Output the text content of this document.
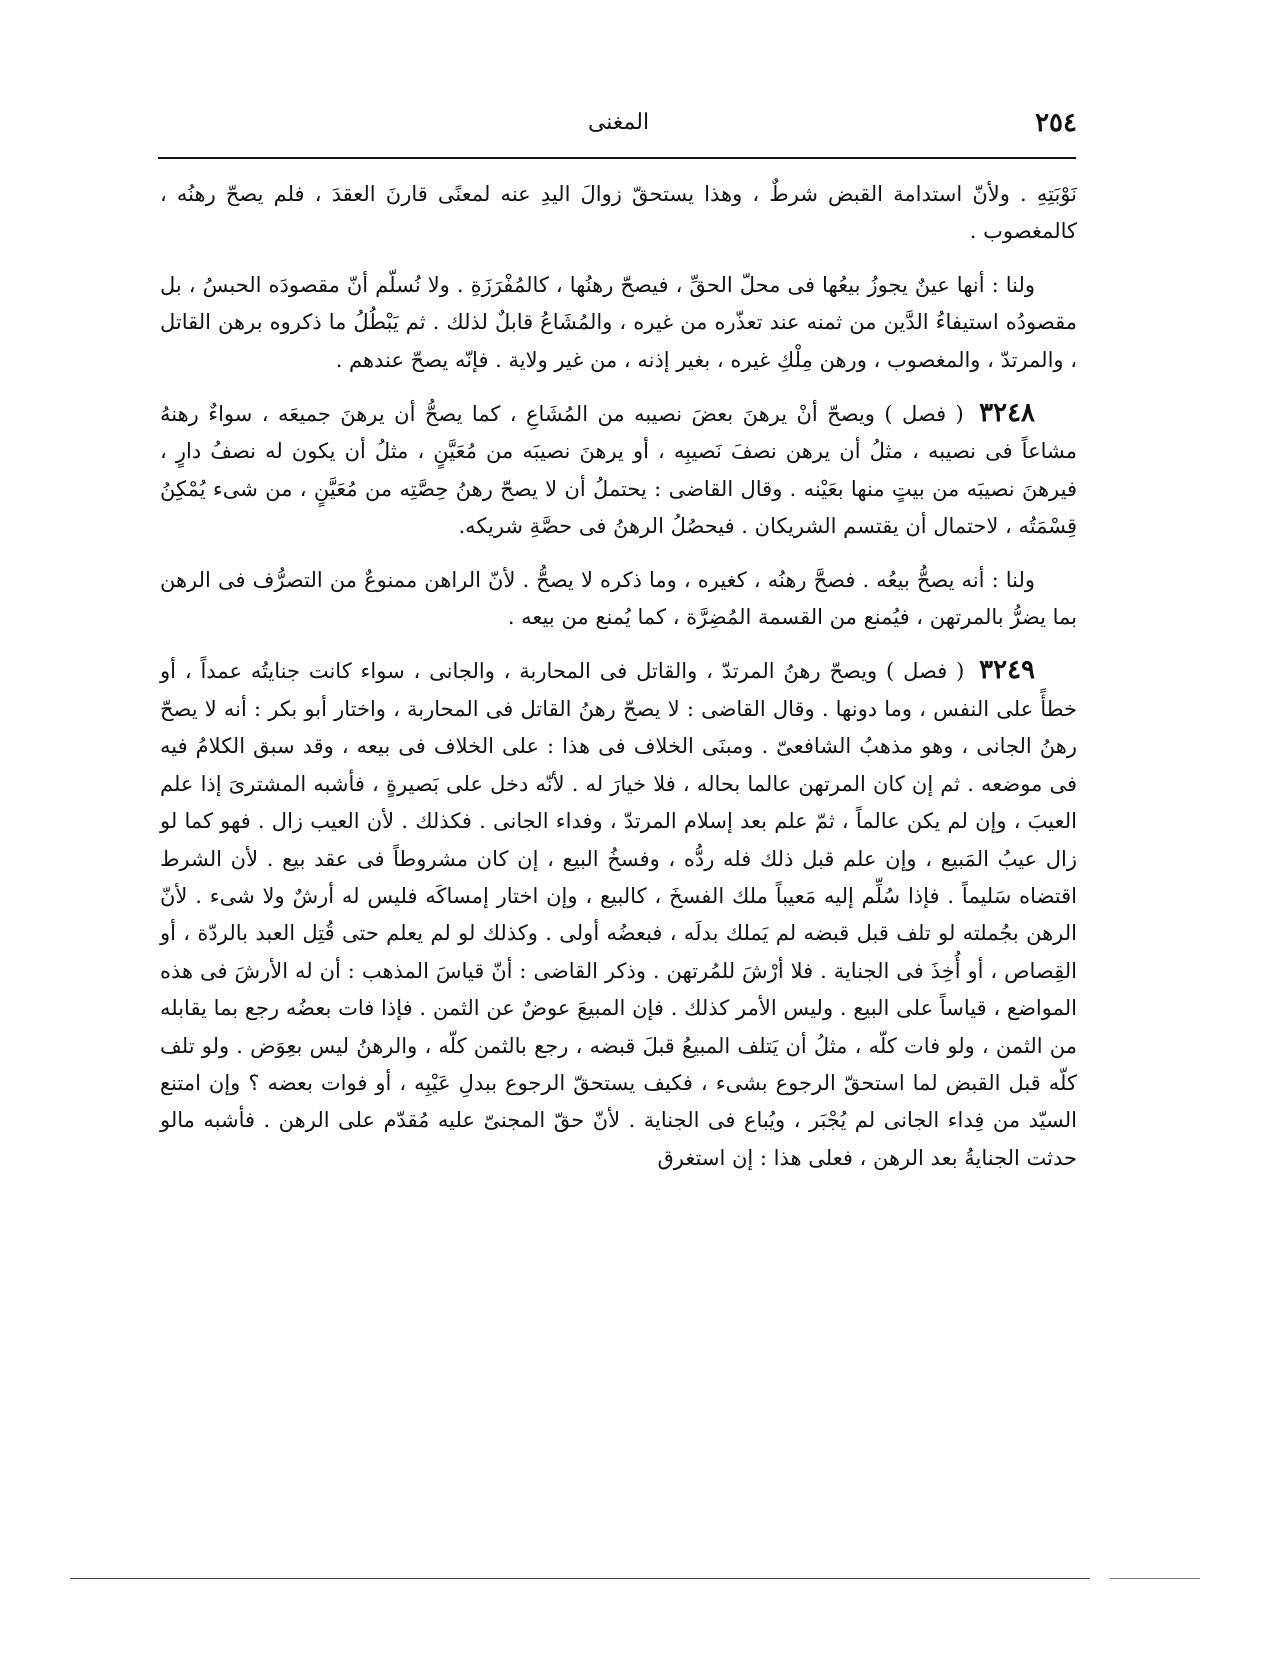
٢٥٤
المغنى

نَوْبَتِهِ . ولأنّ استدامة القبض شرطٌ ، وهذا يستحقّ زوالَ اليدِ عنه لمعنًى قارنَ العقدَ ، فلم يصحّ رهنُه ، كالمغصوب .

ولنا : أنها عينٌ يجوزُ بيعُها فى محلّ الحقِّ ، فيصحّ رهنُها ، كالمُفْرَزَةِ . ولا نُسلّم أنّ مقصودَه الحبسُ ، بل مقصودُه استيفاءُ الدَّين من ثمنه عند تعذّره من غيره ، والمُشَاعُ قابلٌ لذلك . ثم يَبْطُلُ ما ذكروه برهن القاتل ، والمرتدّ ، والمغصوب ، ورهن مِلْكِ غيره ، بغير إذنه ، من غير ولاية . فإنّه يصحّ عندهم .

٣٢٤٨ ( فصل ) ويصحّ أنْ يرهنَ بعضَ نصيبه من المُشَاعِ ، كما يصحُّ أن يرهنَ جميعَه ، سواءٌ رهنهُ مشاعاً فى نصيبه ، مثلُ أن يرهن نصفَ نَصيبِه ، أو يرهنَ نصيبَه من مُعَيَّنٍ ، مثلُ أن يكون له نصفُ دارٍ ، فيرهنَ نصيبَه من بيتٍ منها بعَيْنه . وقال القاضى : يحتملُ أن لا يصحّ رهنُ حِصَّتِه من مُعَيَّنٍ ، من شىء يُمْكِنُ قِسْمَتُه ، لاحتمال أن يقتسم الشريكان . فيحصُلُ الرهنُ فى حصَّةِ شريكه.

ولنا : أنه يصحُّ بيعُه . فصحَّ رهنُه ، كغيره ، وما ذكره لا يصحُّ . لأنّ الراهن ممنوعٌ من التصرُّف فى الرهن بما يضرُّ بالمرتهن ، فيُمنع من القسمة المُضِرَّة ، كما يُمنع من بيعه .

٣٢٤٩ ( فصل ) ويصحّ رهنُ المرتدّ ، والقاتل فى المحاربة ، والجانى ، سواء كانت جنايتُه عمداً ، أو خطأً على النفس ، وما دونها . وقال القاضى : لا يصحّ رهنُ القاتل فى المحاربة ، واختار أبو بكر : أنه لا يصحّ رهنُ الجانى ، وهو مذهبُ الشافعىّ . ومبنَى الخلاف فى هذا : على الخلاف فى بيعه ، وقد سبق الكلامُ فيه فى موضعه . ثم إن كان المرتهن عالما بحاله ، فلا خيارَ له . لأنّه دخل على بَصيرةٍ ، فأشبه المشترىَ إذا علم العيبَ ، وإن لم يكن عالماً ، ثمّ علم بعد إسلام المرتدّ ، وفداء الجانى . فكذلك . لأن العيب زال . فهو كما لو زال عيبُ المَبيع ، وإن علم قبل ذلك فله ردُّه ، وفسخُ البيع ، إن كان مشروطاً فى عقد بيع . لأن الشرط اقتضاه سَليماً . فإذا سُلِّم إليه مَعيباً ملك الفسخَ ، كالبيع ، وإن اختار إمساكَه فليس له أرشٌ ولا شىء . لأنّ الرهن بجُملته لو تلف قبل قبضه لم يَملك بدلَه ، فبعضُه أولى . وكذلك لو لم يعلم حتى قُتِل العبد بالردّة ، أو القِصاص ، أو أُخِذَ فى الجناية . فلا أرْشَ للمُرتهن . وذكر القاضى : أنّ قياسَ المذهب : أن له الأرشَ فى هذه المواضع ، قياساً على البيع . وليس الأمر كذلك . فإن المبيعَ عوضٌ عن الثمن . فإذا فات بعضُه رجع بما يقابله من الثمن ، ولو فات كلّه ، مثلُ أن يَتلف المبيعُ قبلَ قبضه ، رجع بالثمن كلّه ، والرهنُ ليس بعِوَض . ولو تلف كلّه قبل القبض لما استحقّ الرجوع بشىء ، فكيف يستحقّ الرجوع ببدلِ عَيْبِه ، أو فوات بعضه ؟ وإن امتنع السيّد من فِداء الجانى لم يُجْبَر ، ويُباع فى الجناية . لأنّ حقّ المجنىّ عليه مُقدّم على الرهن . فأشبه مالو حدثت الجنايةُ بعد الرهن ، فعلى هذا : إن استغرق
